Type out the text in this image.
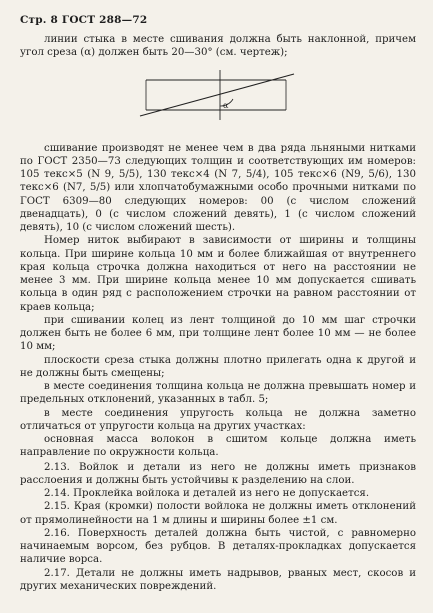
Стр. 8 ГОСТ 288—72

линии стыка в месте сшивания должна быть наклонной, причем угол среза (α) должен быть 20—30° (см. чертеж);

α

сшивание производят не менее чем в два ряда льняными нитками по ГОСТ 2350—73 следующих толщин и соответствующих им номеров: 105 текс×5 (N 9, 5/5), 130 текс×4 (N 7, 5/4), 105 текс×6 (N9, 5/6), 130 текс×6 (N7, 5/5) или хлопчатобумажными особо прочными нитками по ГОСТ 6309—80 следующих номеров: 00 (с числом сложений двенадцать), 0 (с числом сложений девять), 1 (с числом сложений девять), 10 (с числом сложений шесть).

Номер ниток выбирают в зависимости от ширины и толщины кольца. При ширине кольца 10 мм и более ближайшая от внутреннего края кольца строчка должна находиться от него на расстоянии не менее 3 мм. При ширине кольца менее 10 мм допускается сшивать кольца в один ряд с расположением строчки на равном расстоянии от краев кольца;

при сшивании колец из лент толщиной до 10 мм шаг строчки должен быть не более 6 мм, при толщине лент более 10 мм — не более 10 мм;

плоскости среза стыка должны плотно прилегать одна к другой и не должны быть смещены;

в месте соединения толщина кольца не должна превышать номер и предельных отклонений, указанных в табл. 5;

в месте соединения упругость кольца не должна заметно отличаться от упругости кольца на других участках:

основная масса волокон в сшитом кольце должна иметь направление по окружности кольца.

2.13. Войлок и детали из него не должны иметь признаков расслоения и должны быть устойчивы к разделению на слои.

2.14. Проклейка войлока и деталей из него не допускается.

2.15. Края (кромки) полости войлока не должны иметь отклонений от прямолинейности на 1 м длины и ширины более ±1 см.

2.16. Поверхность деталей должна быть чистой, с равномерно начинаемым ворсом, без рубцов. В деталях-прокладках допускается наличие ворса.

2.17. Детали не должны иметь надрывов, рваных мест, скосов и других механических повреждений.
